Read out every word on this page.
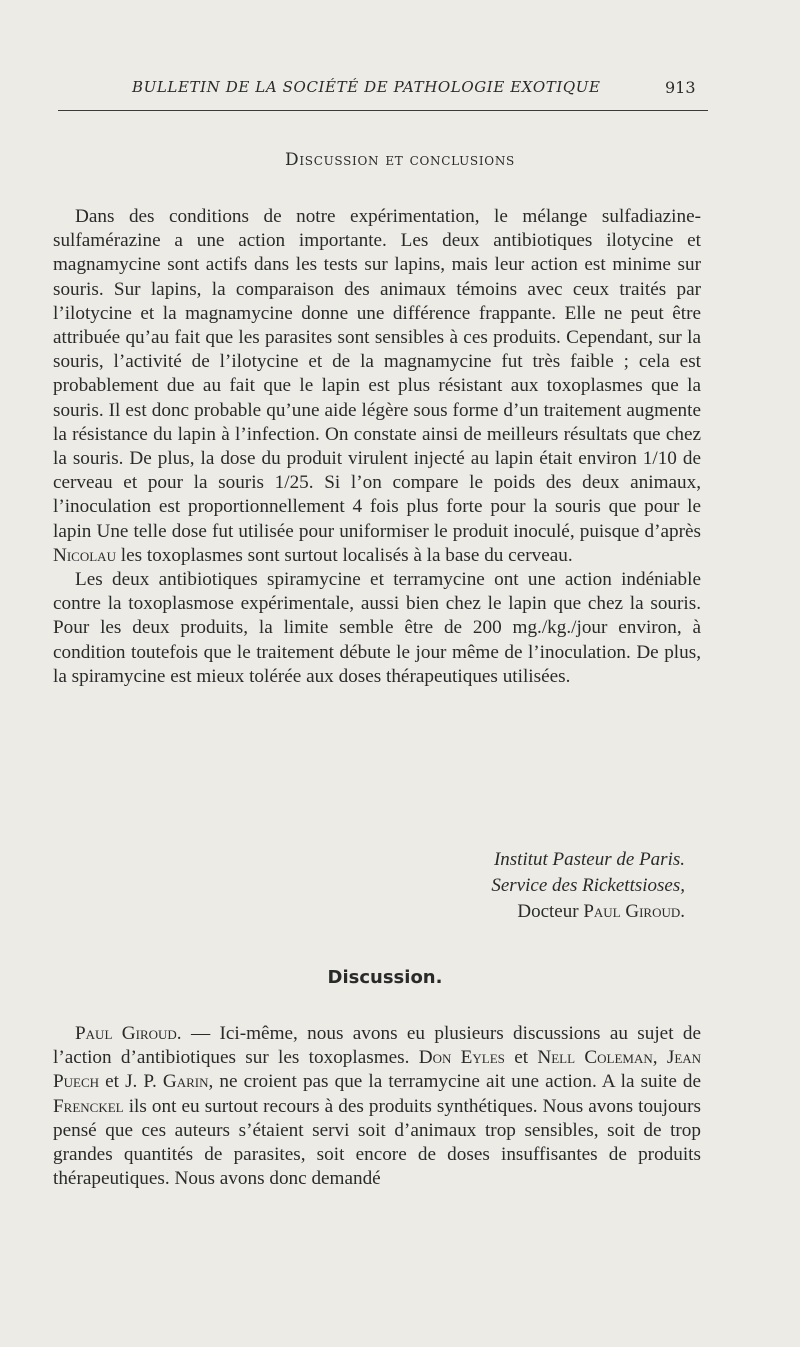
BULLETIN DE LA SOCIÉTÉ DE PATHOLOGIE EXOTIQUE	913
Discussion et conclusions

Dans des conditions de notre expérimentation, le mélange sulfadiazine-sulfamérazine a une action importante. Les deux antibiotiques ilotycine et magnamycine sont actifs dans les tests sur lapins, mais leur action est minime sur souris. Sur lapins, la comparaison des animaux témoins avec ceux traités par l’ilotycine et la magnamycine donne une différence frappante. Elle ne peut être attribuée qu’au fait que les parasites sont sensibles à ces produits. Cependant, sur la souris, l’activité de l’ilotycine et de la magnamycine fut très faible ; cela est probablement due au fait que le lapin est plus résistant aux toxoplasmes que la souris. Il est donc probable qu’une aide légère sous forme d’un traitement augmente la résistance du lapin à l’infection. On constate ainsi de meilleurs résultats que chez la souris. De plus, la dose du produit virulent injecté au lapin était environ 1/10 de cerveau et pour la souris 1/25. Si l’on compare le poids des deux animaux, l’inoculation est proportionnellement 4 fois plus forte pour la souris que pour le lapin Une telle dose fut utilisée pour uniformiser le produit inoculé, puisque d’après Nicolau les toxoplasmes sont surtout localisés à la base du cerveau.

Les deux antibiotiques spiramycine et terramycine ont une action indéniable contre la toxoplasmose expérimentale, aussi bien chez le lapin que chez la souris. Pour les deux produits, la limite semble être de 200 mg./kg./jour environ, à condition toutefois que le traitement débute le jour même de l’inoculation. De plus, la spiramycine est mieux tolérée aux doses thérapeutiques utilisées.

Institut Pasteur de Paris.
Service des Rickettsioses,
Docteur Paul Giroud.
Discussion.

Paul Giroud. — Ici-même, nous avons eu plusieurs discussions au sujet de l’action d’antibiotiques sur les toxoplasmes. Don Eyles et Nell Coleman, Jean Puech et J. P. Garin, ne croient pas que la terramycine ait une action. A la suite de Frenckel ils ont eu surtout recours à des produits synthétiques. Nous avons toujours pensé que ces auteurs s’étaient servi soit d’animaux trop sensibles, soit de trop grandes quantités de parasites, soit encore de doses insuffisantes de produits thérapeutiques. Nous avons donc demandé
